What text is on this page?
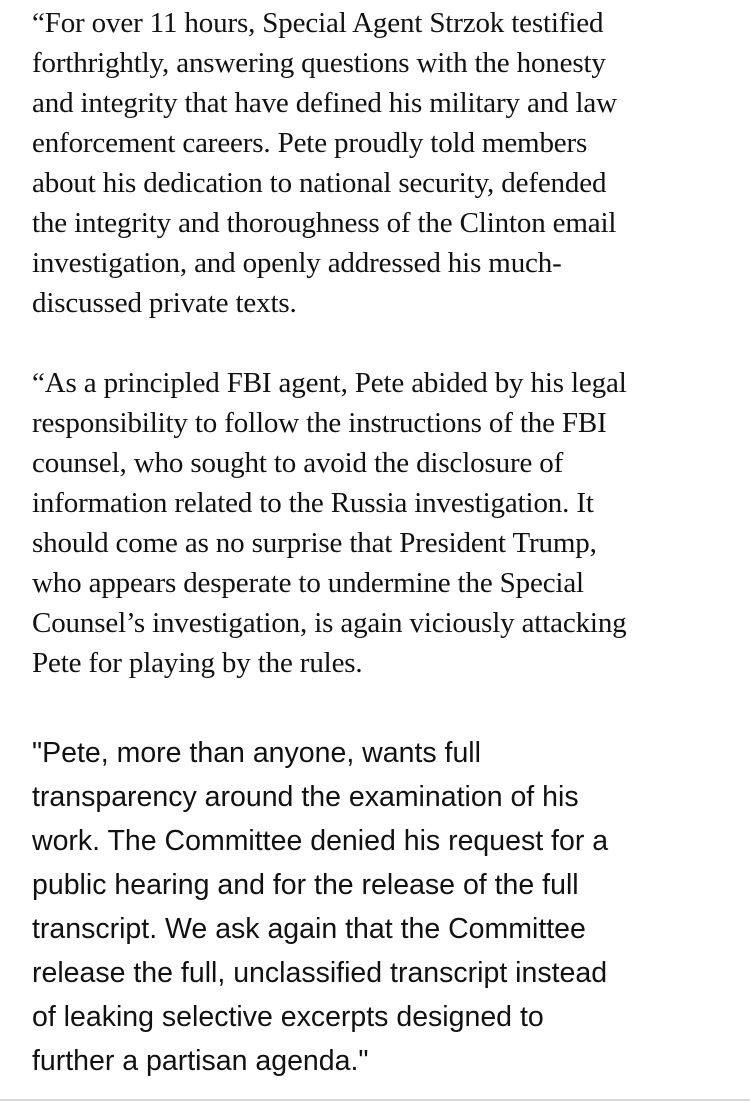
“For over 11 hours, Special Agent Strzok testified
forthrightly, answering questions with the honesty
and integrity that have defined his military and law
enforcement careers. Pete proudly told members
about his dedication to national security, defended
the integrity and thoroughness of the Clinton email
investigation, and openly addressed his much-
discussed private texts.

“As a principled FBI agent, Pete abided by his legal
responsibility to follow the instructions of the FBI
counsel, who sought to avoid the disclosure of
information related to the Russia investigation. It
should come as no surprise that President Trump,
who appears desperate to undermine the Special
Counsel’s investigation, is again viciously attacking
Pete for playing by the rules.

"Pete, more than anyone, wants full
transparency around the examination of his
work. The Committee denied his request for a
public hearing and for the release of the full
transcript. We ask again that the Committee
release the full, unclassified transcript instead
of leaking selective excerpts designed to
further a partisan agenda."
